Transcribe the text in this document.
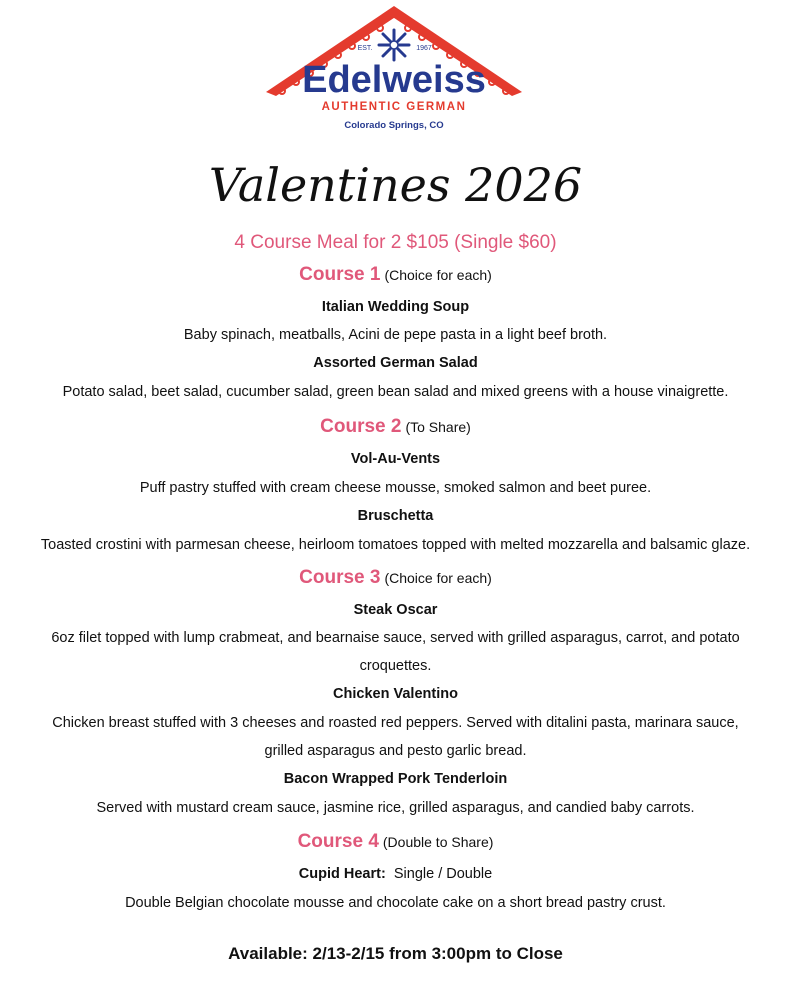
EST.	1967
Edelweiss
AUTHENTIC GERMAN
Colorado Springs, CO
Valentines 2026
4 Course Meal for 2 $105 (Single $60)
Course 1 (Choice for each)
Italian Wedding Soup
Baby spinach, meatballs, Acini de pepe pasta in a light beef broth.
Assorted German Salad
Potato salad, beet salad, cucumber salad, green bean salad and mixed greens with a house vinaigrette.
Course 2 (To Share)
Vol-Au-Vents
Puff pastry stuffed with cream cheese mousse, smoked salmon and beet puree.
Bruschetta
Toasted crostini with parmesan cheese, heirloom tomatoes topped with melted mozzarella and balsamic glaze.
Course 3 (Choice for each)
Steak Oscar
6oz filet topped with lump crabmeat, and bearnaise sauce, served with grilled asparagus, carrot, and potato
croquettes.
Chicken Valentino
Chicken breast stuffed with 3 cheeses and roasted red peppers. Served with ditalini pasta, marinara sauce,
grilled asparagus and pesto garlic bread.
Bacon Wrapped Pork Tenderloin
Served with mustard cream sauce, jasmine rice, grilled asparagus, and candied baby carrots.
Course 4 (Double to Share)
Cupid Heart: Single / Double
Double Belgian chocolate mousse and chocolate cake on a short bread pastry crust.
Available: 2/13-2/15 from 3:00pm to Close
